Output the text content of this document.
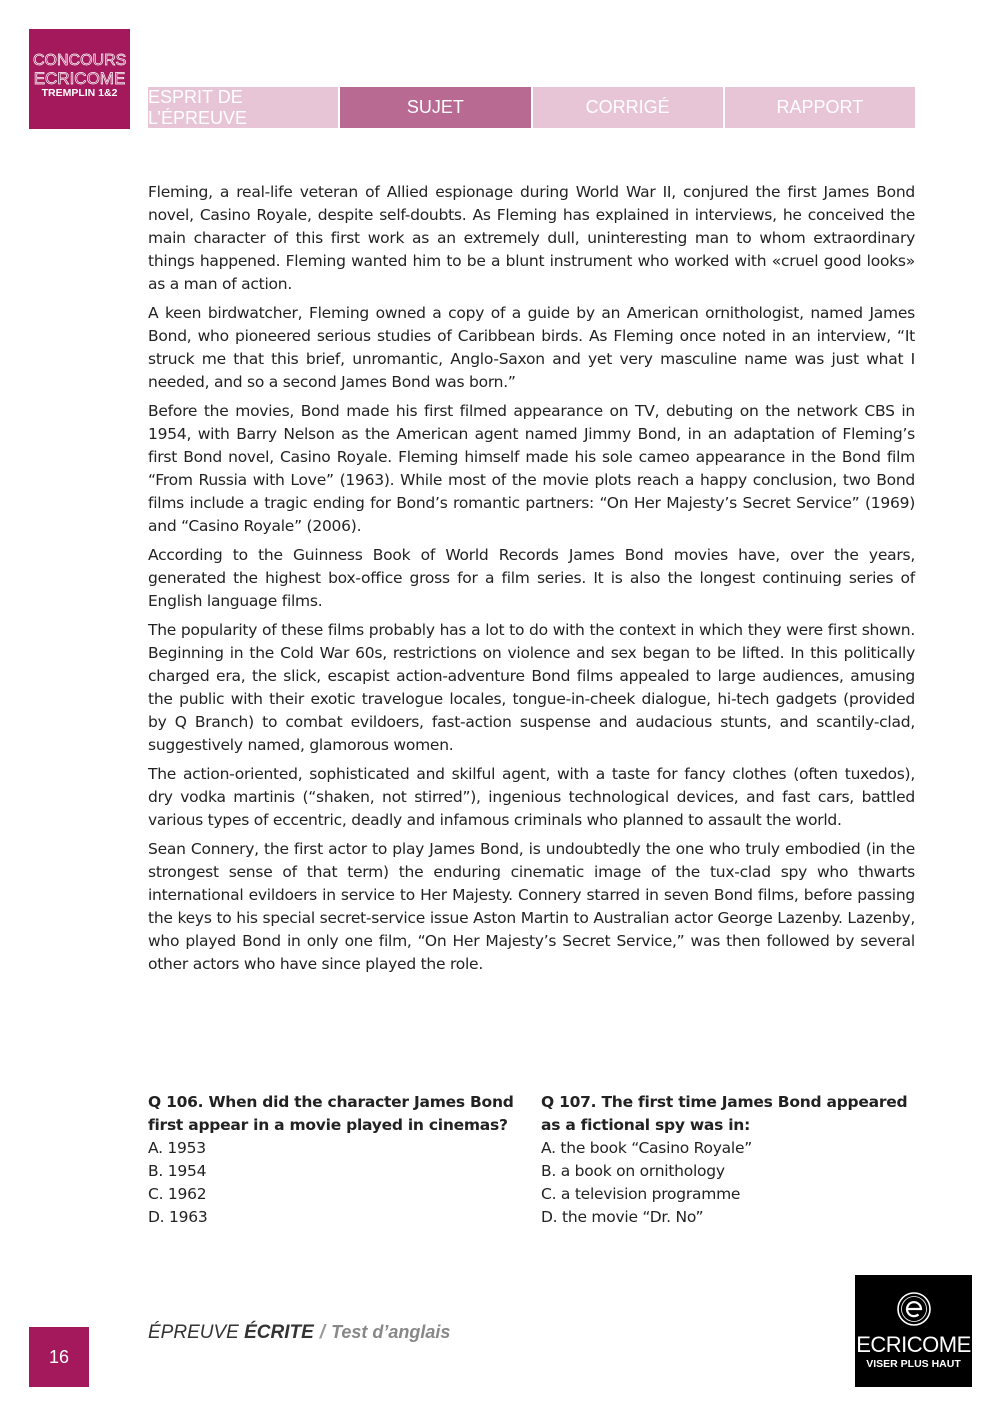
CONCOURS
ECRICOME
TREMPLIN 1&2	ESPRIT DE L’ÉPREUVE
SUJET	CORRIGÉ	RAPPORT

Fleming, a real-life veteran of Allied espionage during World War II, conjured the first James Bond novel, Casino Royale, despite self-doubts. As Fleming has explained in interviews, he conceived the main character of this first work as an extremely dull, uninteresting man to whom extraordinary things happened. Fleming wanted him to be a blunt instrument who worked with «cruel good looks» as a man of action.

A keen birdwatcher, Fleming owned a copy of a guide by an American ornithologist, named James Bond, who pioneered serious studies of Caribbean birds. As Fleming once noted in an interview, “It struck me that this brief, unromantic, Anglo-Saxon and yet very masculine name was just what I needed, and so a second James Bond was born.”

Before the movies, Bond made his first filmed appearance on TV, debuting on the network CBS in 1954, with Barry Nelson as the American agent named Jimmy Bond, in an adaptation of Fleming’s first Bond novel, Casino Royale. Fleming himself made his sole cameo appearance in the Bond film “From Russia with Love” (1963). While most of the movie plots reach a happy conclusion, two Bond films include a tragic ending for Bond’s romantic partners: “On Her Majesty’s Secret Service” (1969) and “Casino Royale” (2006).

According to the Guinness Book of World Records James Bond movies have, over the years, generated the highest box-office gross for a film series. It is also the longest continuing series of English language films.

The popularity of these films probably has a lot to do with the context in which they were first shown. Beginning in the Cold War 60s, restrictions on violence and sex began to be lifted. In this politically charged era, the slick, escapist action-adventure Bond films appealed to large audiences, amusing the public with their exotic travelogue locales, tongue-in-cheek dialogue, hi-tech gadgets (provided by Q Branch) to combat evildoers, fast-action suspense and audacious stunts, and scantily-clad, suggestively named, glamorous women.

The action-oriented, sophisticated and skilful agent, with a taste for fancy clothes (often tuxedos), dry vodka martinis (“shaken, not stirred”), ingenious technological devices, and fast cars, battled various types of eccentric, deadly and infamous criminals who planned to assault the world.

Sean Connery, the first actor to play James Bond, is undoubtedly the one who truly embodied (in the strongest sense of that term) the enduring cinematic image of the tux-clad spy who thwarts international evildoers in service to Her Majesty. Connery starred in seven Bond films, before passing the keys to his special secret-service issue Aston Martin to Australian actor George Lazenby. Lazenby, who played Bond in only one film, “On Her Majesty’s Secret Service,” was then followed by several other actors who have since played the role.

Q 106. When did the character James Bond first appear in a movie played in cinemas?
A. 1953
B. 1954
C. 1962
D. 1963
Q 107. The first time James Bond appeared as a fictional spy was in:
A. the book “Casino Royale”
B. a book on ornithology
C. a television programme
D. the movie “Dr. No”
16
ÉPREUVE ÉCRITE / Test d’anglais	ECRICOME
VISER PLUS HAUT
